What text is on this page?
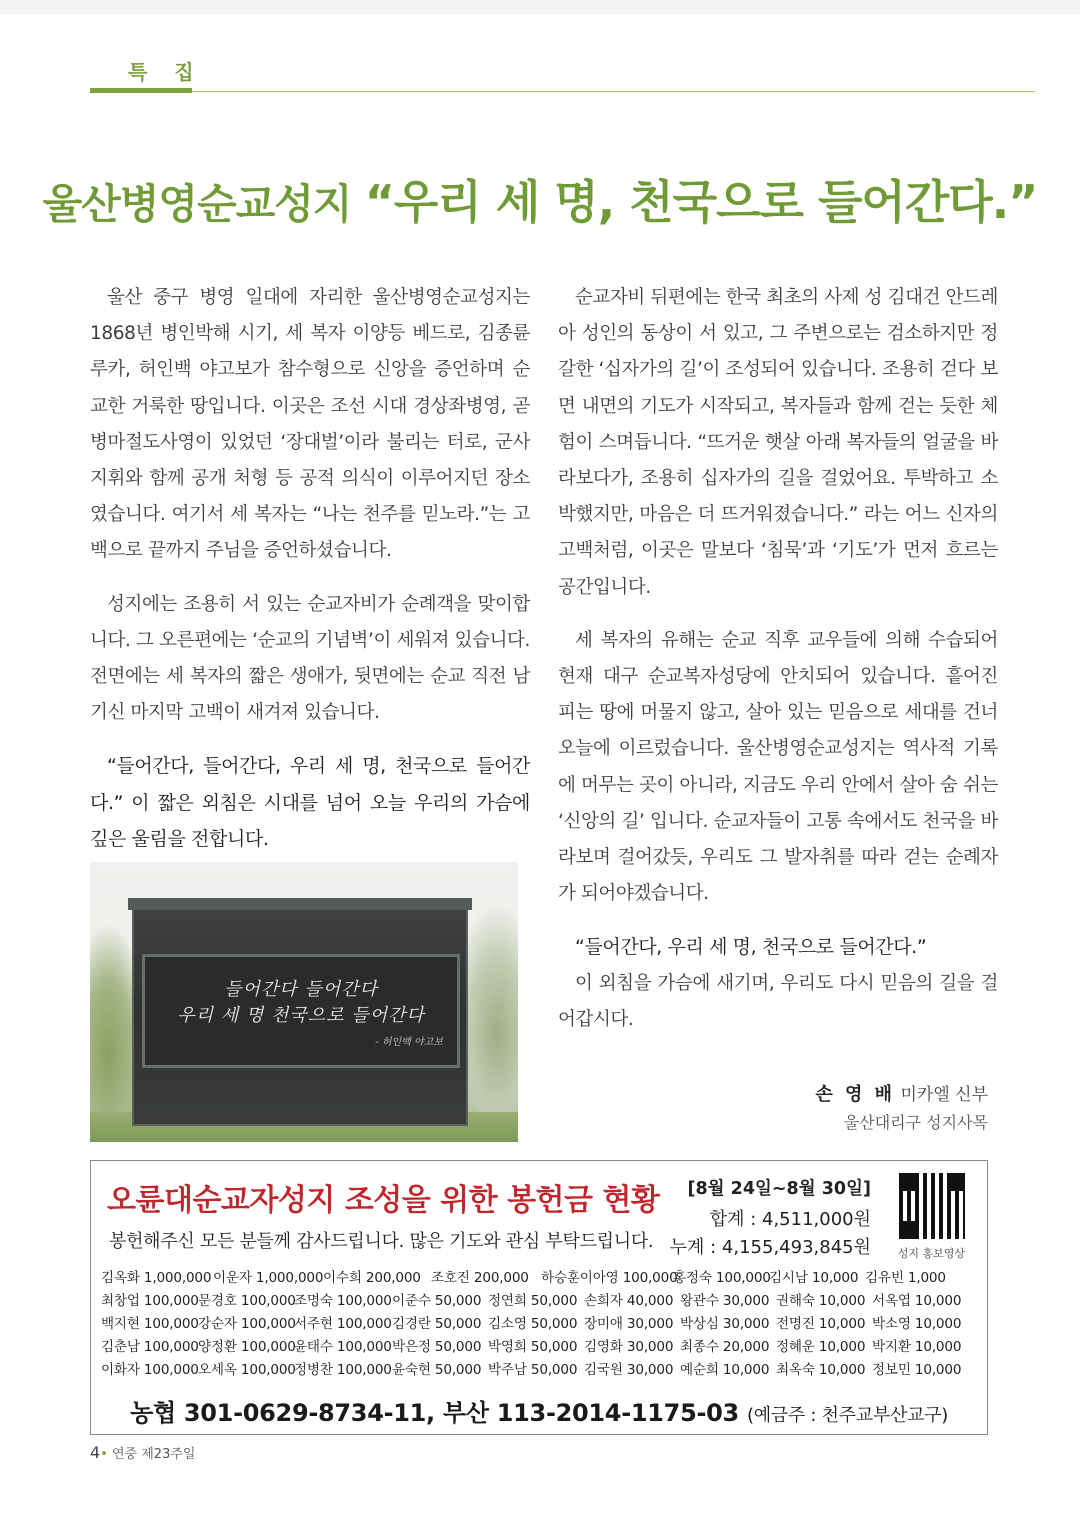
특 집
울산병영순교성지 “우리 세 명, 천국으로 들어간다.”

울산 중구 병영 일대에 자리한 울산병영순교성지는 1868년 병인박해 시기, 세 복자 이양등 베드로, 김종륜 루카, 허인백 야고보가 참수형으로 신앙을 증언하며 순교한 거룩한 땅입니다. 이곳은 조선 시대 경상좌병영, 곧 병마절도사영이 있었던 ‘장대벌’이라 불리는 터로, 군사 지휘와 함께 공개 처형 등 공적 의식이 이루어지던 장소였습니다. 여기서 세 복자는 “나는 천주를 믿노라.”는 고백으로 끝까지 주님을 증언하셨습니다.

성지에는 조용히 서 있는 순교자비가 순례객을 맞이합니다. 그 오른편에는 ‘순교의 기념벽’이 세워져 있습니다. 전면에는 세 복자의 짧은 생애가, 뒷면에는 순교 직전 남기신 마지막 고백이 새겨져 있습니다.

“들어간다, 들어간다, 우리 세 명, 천국으로 들어간다.” 이 짧은 외침은 시대를 넘어 오늘 우리의 가슴에 깊은 울림을 전합니다.

들어간다 들어간다
우리 세 명 천국으로 들어간다
- 허인백 야고보

순교자비 뒤편에는 한국 최초의 사제 성 김대건 안드레아 성인의 동상이 서 있고, 그 주변으로는 검소하지만 정갈한 ‘십자가의 길’이 조성되어 있습니다. 조용히 걷다 보면 내면의 기도가 시작되고, 복자들과 함께 걷는 듯한 체험이 스며듭니다. “뜨거운 햇살 아래 복자들의 얼굴을 바라보다가, 조용히 십자가의 길을 걸었어요. 투박하고 소박했지만, 마음은 더 뜨거워졌습니다.” 라는 어느 신자의 고백처럼, 이곳은 말보다 ‘침묵’과 ‘기도’가 먼저 흐르는 공간입니다.

세 복자의 유해는 순교 직후 교우들에 의해 수습되어 현재 대구 순교복자성당에 안치되어 있습니다. 흩어진 피는 땅에 머물지 않고, 살아 있는 믿음으로 세대를 건너 오늘에 이르렀습니다. 울산병영순교성지는 역사적 기록에 머무는 곳이 아니라, 지금도 우리 안에서 살아 숨 쉬는 ‘신앙의 길’ 입니다. 순교자들이 고통 속에서도 천국을 바라보며 걸어갔듯, 우리도 그 발자취를 따라 걷는 순례자가 되어야겠습니다.

“들어간다, 우리 세 명, 천국으로 들어간다.”

이 외침을 가슴에 새기며, 우리도 다시 믿음의 길을 걸어갑시다.

손 영 배 미카엘 신부
울산대리구 성지사목
오륜대순교자성지 조성을 위한 봉헌금 현황
봉헌해주신 모든 분들께 감사드립니다. 많은 기도와 관심 부탁드립니다.
[8월 24일~8월 30일]
합계 : 4,511,000원
누계 : 4,155,493,845원 성지 홍보영상
김옥화 1,000,000 이운자 1,000,000 이수희 200,000 조호진 200,000 하승훈이아영 100,000
홍정숙 100,000
김시남 10,000 김유빈 1,000
최창업 100,000 문경호 100,000
조명숙 100,000 이준수 50,000 정연희 50,000 손희자 40,000 왕관수 30,000 권해숙 10,000 서옥엽 10,000
백지현 100,000 강순자 100,000
서주현 100,000 김경란 50,000 김소영 50,000 장미애 30,000 박상심 30,000 전명진 10,000 박소영 10,000
김춘남 100,000 양정환 100,000
윤태수 100,000 박은정 50,000 박영희 50,000 김영화 30,000 최종수 20,000 정혜운 10,000 박지환 10,000
이화자 100,000 오세옥 100,000
정병찬 100,000 윤숙현 50,000 박주남 50,000 김국원 30,000 예순희 10,000 최옥숙 10,000 정보민 10,000
농협 301-0629-8734-11, 부산 113-2014-1175-03 (예금주 : 천주교부산교구)
4• 연중 제23주일
